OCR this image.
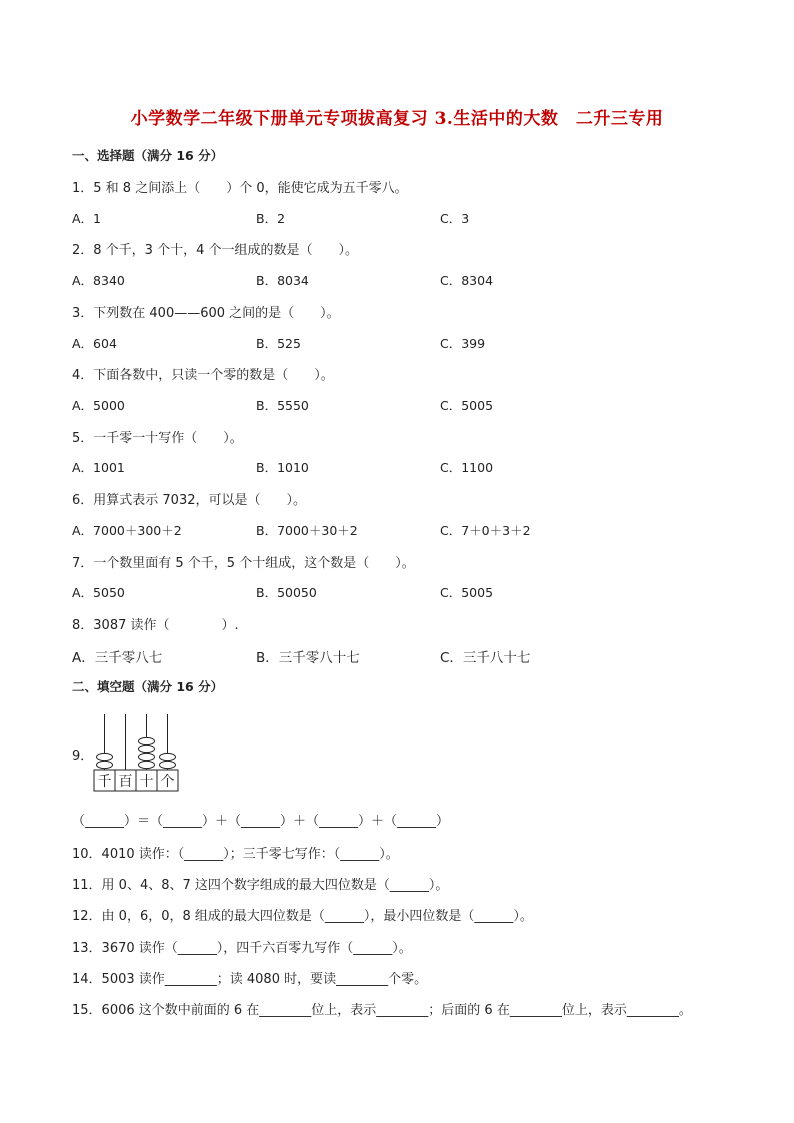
小学数学二年级下册单元专项拔高复习 3.生活中的大数　二升三专用
一、选择题（满分 16 分）
1．5 和 8 之间添上（　　）个 0，能使它成为五千零八。
A．1	B．2	C．3
2．8 个千，3 个十，4 个一组成的数是（　　）。
A．8340	B．8034	C．8304
3．下列数在 400——600 之间的是（　　）。
A．604	B．525	C．399
4．下面各数中，只读一个零的数是（　　）。
A．5000	B．5550	C．5005
5．一千零一十写作（　　）。
A．1001	B．1010	C．1100
6．用算式表示 7032，可以是（　　）。
A．7000＋300＋2	B．7000＋30＋2	C．7＋0＋3＋2
7．一个数里面有 5 个千，5 个十组成，这个数是（　　）。
A．5050	B．50050	C．5005
8．3087 读作（　　　　）.
A．三千零八七	B．三千零八十七	C．三千八十七
二、填空题（满分 16 分）
9．
千 百 十 个
（______）＝（______）＋（______）＋（______）＋（______）
10．4010 读作：（______）；三千零七写作：（______）。
11．用 0、4、8、7 这四个数字组成的最大四位数是（______）。
12．由 0，6，0，8 组成的最大四位数是（______），最小四位数是（______）。
13．3670 读作（______），四千六百零九写作（______）。
14．5003 读作________；读 4080 时，要读________个零。
15．6006 这个数中前面的 6 在________位上，表示________；后面的 6 在________位上，表示________。
